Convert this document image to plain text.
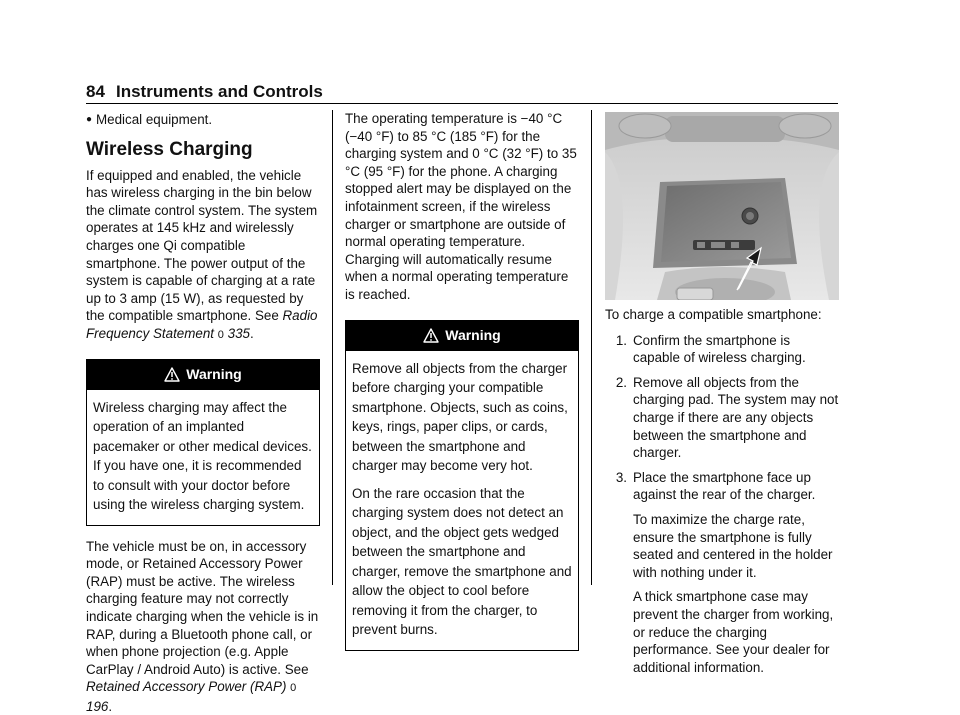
84 Instruments and Controls
● Medical equipment.
Wireless Charging

If equipped and enabled, the vehicle has wireless charging in the bin below the climate control system. The system operates at 145 kHz and wirelessly charges one Qi compatible smartphone. The power output of the system is capable of charging at a rate up to 3 amp (15 W), as requested by the compatible smartphone. See Radio Frequency Statement 0 335.

Warning

Wireless charging may affect the operation of an implanted pacemaker or other medical devices. If you have one, it is recommended to consult with your doctor before using the wireless charging system.

The vehicle must be on, in accessory mode, or Retained Accessory Power (RAP) must be active. The wireless charging feature may not correctly indicate charging when the vehicle is in RAP, during a Bluetooth phone call, or when phone projection (e.g. Apple CarPlay / Android Auto) is active. See Retained Accessory Power (RAP) 0 196.

The operating temperature is −40 °C (−40 °F) to 85 °C (185 °F) for the charging system and 0 °C (32 °F) to 35 °C (95 °F) for the phone. A charging stopped alert may be displayed on the infotainment screen, if the wireless charger or smartphone are outside of normal operating temperature. Charging will automatically resume when a normal operating temperature is reached.

Warning

Remove all objects from the charger before charging your compatible smartphone. Objects, such as coins, keys, rings, paper clips, or cards, between the smartphone and charger may become very hot.

On the rare occasion that the charging system does not detect an object, and the object gets wedged between the smartphone and charger, remove the smartphone and allow the object to cool before removing it from the charger, to prevent burns.

To charge a compatible smartphone:

1. Confirm the smartphone is capable of wireless charging.
2. Remove all objects from the charging pad. The system may not charge if there are any objects between the smartphone and charger.
3. Place the smartphone face up against the rear of the charger.

To maximize the charge rate, ensure the smartphone is fully seated and centered in the holder with nothing under it.

A thick smartphone case may prevent the charger from working, or reduce the charging performance. See your dealer for additional information.
